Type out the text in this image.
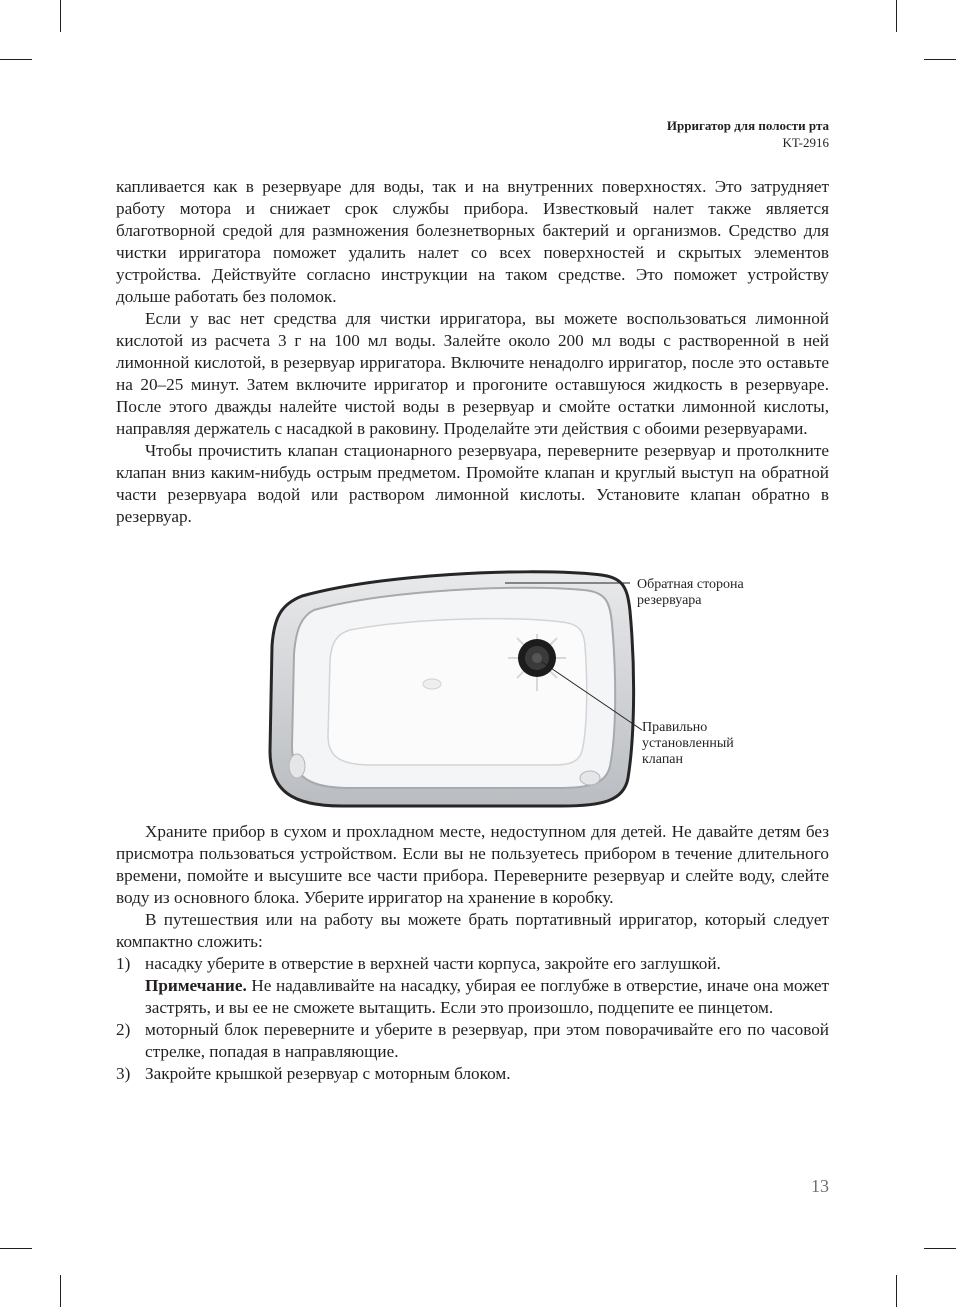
Ирригатор для полости рта
KT-2916

капливается как в резервуаре для воды, так и на внутренних поверхностях. Это затрудняет работу мотора и снижает срок службы прибора. Известковый налет также является благотворной средой для размножения болезнетворных бактерий и организмов. Средство для чистки ирригатора поможет удалить налет со всех поверхностей и скрытых элементов устройства. Действуйте согласно инструкции на таком средстве. Это поможет устройству дольше работать без поломок.

Если у вас нет средства для чистки ирригатора, вы можете воспользоваться лимонной кислотой из расчета 3 г на 100 мл воды. Залейте около 200 мл воды с растворенной в ней лимонной кислотой, в резервуар ирригатора. Включите ненадолго ирригатор, после это оставьте на 20–25 минут. Затем включите ирригатор и прогоните оставшуюся жидкость в резервуаре. После этого дважды налейте чистой воды в резервуар и смойте остатки лимонной кислоты, направляя держатель с насадкой в раковину. Проделайте эти действия с обоими резервуарами.

Чтобы прочистить клапан стационарного резервуара, переверните резервуар и протолкните клапан вниз каким-нибудь острым предметом. Промойте клапан и круглый выступ на обратной части резервуара водой или раствором лимонной кислоты. Установите клапан обратно в резервуар.

Обратная сторона резервуара
Правильно установленный клапан

Храните прибор в сухом и прохладном месте, недоступном для детей. Не давайте детям без присмотра пользоваться устройством. Если вы не пользуетесь прибором в течение длительного времени, помойте и высушите все части прибора. Переверните резервуар и слейте воду, слейте воду из основного блока. Уберите ирригатор на хранение в коробку.

В путешествия или на работу вы можете брать портативный ирригатор, который следует компактно сложить:

1) насадку уберите в отверстие в верхней части корпуса, закройте его заглушкой.
Примечание. Не надавливайте на насадку, убирая ее поглубже в отверстие, иначе она может застрять, и вы ее не сможете вытащить. Если это произошло, подцепите ее пинцетом.
2) моторный блок переверните и уберите в резервуар, при этом поворачивайте его по часовой стрелке, попадая в направляющие.
3) Закройте крышкой резервуар с моторным блоком.
13
